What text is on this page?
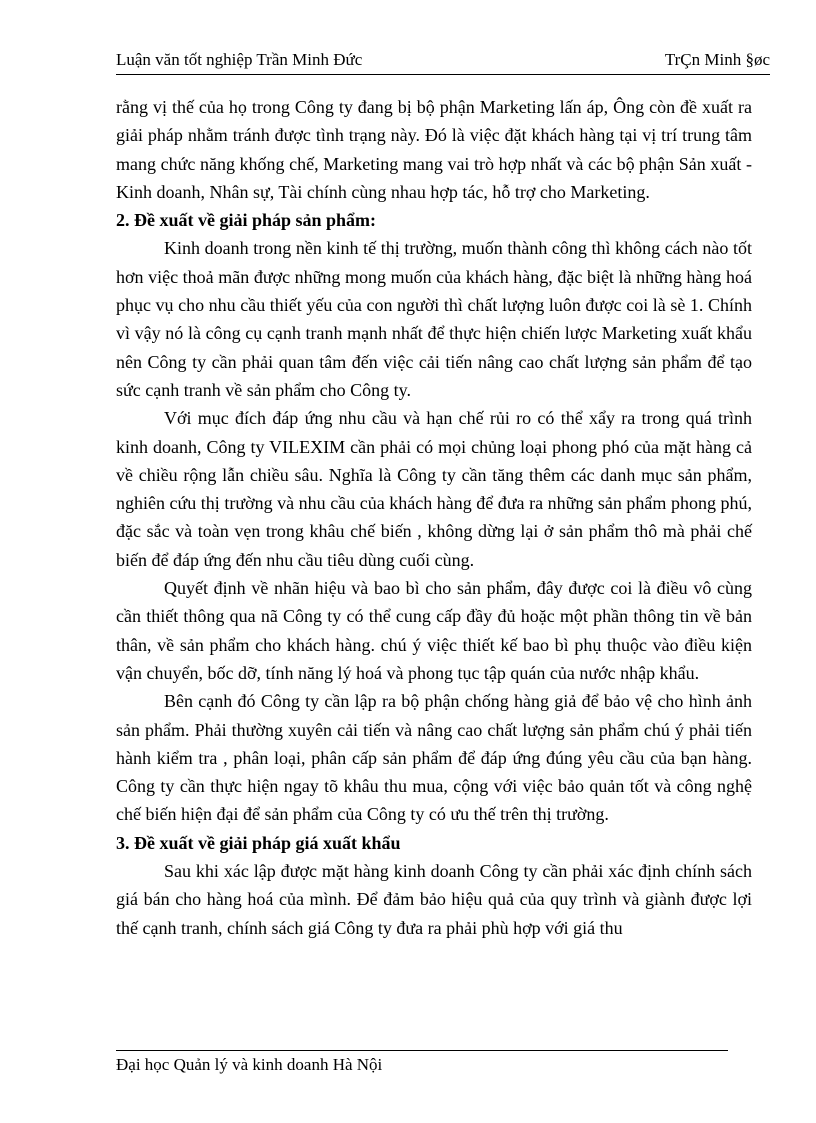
Luận văn tốt nghiệp Trần Minh Đức	TrÇn Minh §øc

rằng vị thế của họ trong Công ty đang bị bộ phận Marketing lấn áp, Ông còn đề xuất ra giải pháp nhằm tránh được tình trạng này. Đó là việc đặt khách hàng tại vị trí trung tâm mang chức năng khống chế, Marketing mang vai trò hợp nhất và các bộ phận Sản xuất - Kinh doanh, Nhân sự, Tài chính cùng nhau hợp tác, hỗ trợ cho Marketing.

2. Đề xuất về giải pháp sản phẩm:

Kinh doanh trong nền kinh tế thị trường, muốn thành công thì không cách nào tốt hơn việc thoả mãn được những mong muốn của khách hàng, đặc biệt là những hàng hoá phục vụ cho nhu cầu thiết yếu của con người thì chất lượng luôn được coi là sè 1. Chính vì vậy nó là công cụ cạnh tranh mạnh nhất để thực hiện chiến lược Marketing xuất khẩu nên Công ty cần phải quan tâm đến việc cải tiến nâng cao chất lượng sản phẩm để tạo sức cạnh tranh về sản phẩm cho Công ty.

Với mục đích đáp ứng nhu cầu và hạn chế rủi ro có thể xẩy ra trong quá trình kinh doanh, Công ty VILEXIM cần phải có mọi chủng loại phong phó của mặt hàng cả về chiều rộng lẫn chiều sâu. Nghĩa là Công ty cần tăng thêm các danh mục sản phẩm, nghiên cứu thị trường và nhu cầu của khách hàng để đưa ra những sản phẩm phong phú, đặc sắc và toàn vẹn trong khâu chế biến , không dừng lại ở sản phẩm thô mà phải chế biến để đáp ứng đến nhu cầu tiêu dùng cuối cùng.

Quyết định về nhãn hiệu và bao bì cho sản phẩm, đây được coi là điều vô cùng cần thiết thông qua nã Công ty có thể cung cấp đầy đủ hoặc một phần thông tin về bản thân, về sản phẩm cho khách hàng. chú ý việc thiết kế bao bì phụ thuộc vào điều kiện vận chuyển, bốc dỡ, tính năng lý hoá và phong tục tập quán của nước nhập khẩu.

Bên cạnh đó Công ty cần lập ra bộ phận chống hàng giả để bảo vệ cho hình ảnh sản phẩm. Phải thường xuyên cải tiến và nâng cao chất lượng sản phẩm chú ý phải tiến hành kiểm tra , phân loại, phân cấp sản phẩm để đáp ứng đúng yêu cầu của bạn hàng. Công ty cần thực hiện ngay tõ khâu thu mua, cộng với việc bảo quản tốt và công nghệ chế biến hiện đại để sản phẩm của Công ty có ưu thế trên thị trường.

3. Đề xuất về giải pháp giá xuất khẩu

Sau khi xác lập được mặt hàng kinh doanh Công ty cần phải xác định chính sách giá bán cho hàng hoá của mình. Để đảm bảo hiệu quả của quy trình và giành được lợi thế cạnh tranh, chính sách giá Công ty đưa ra phải phù hợp với giá thu

Đại học Quản lý và kinh doanh Hà Nội
